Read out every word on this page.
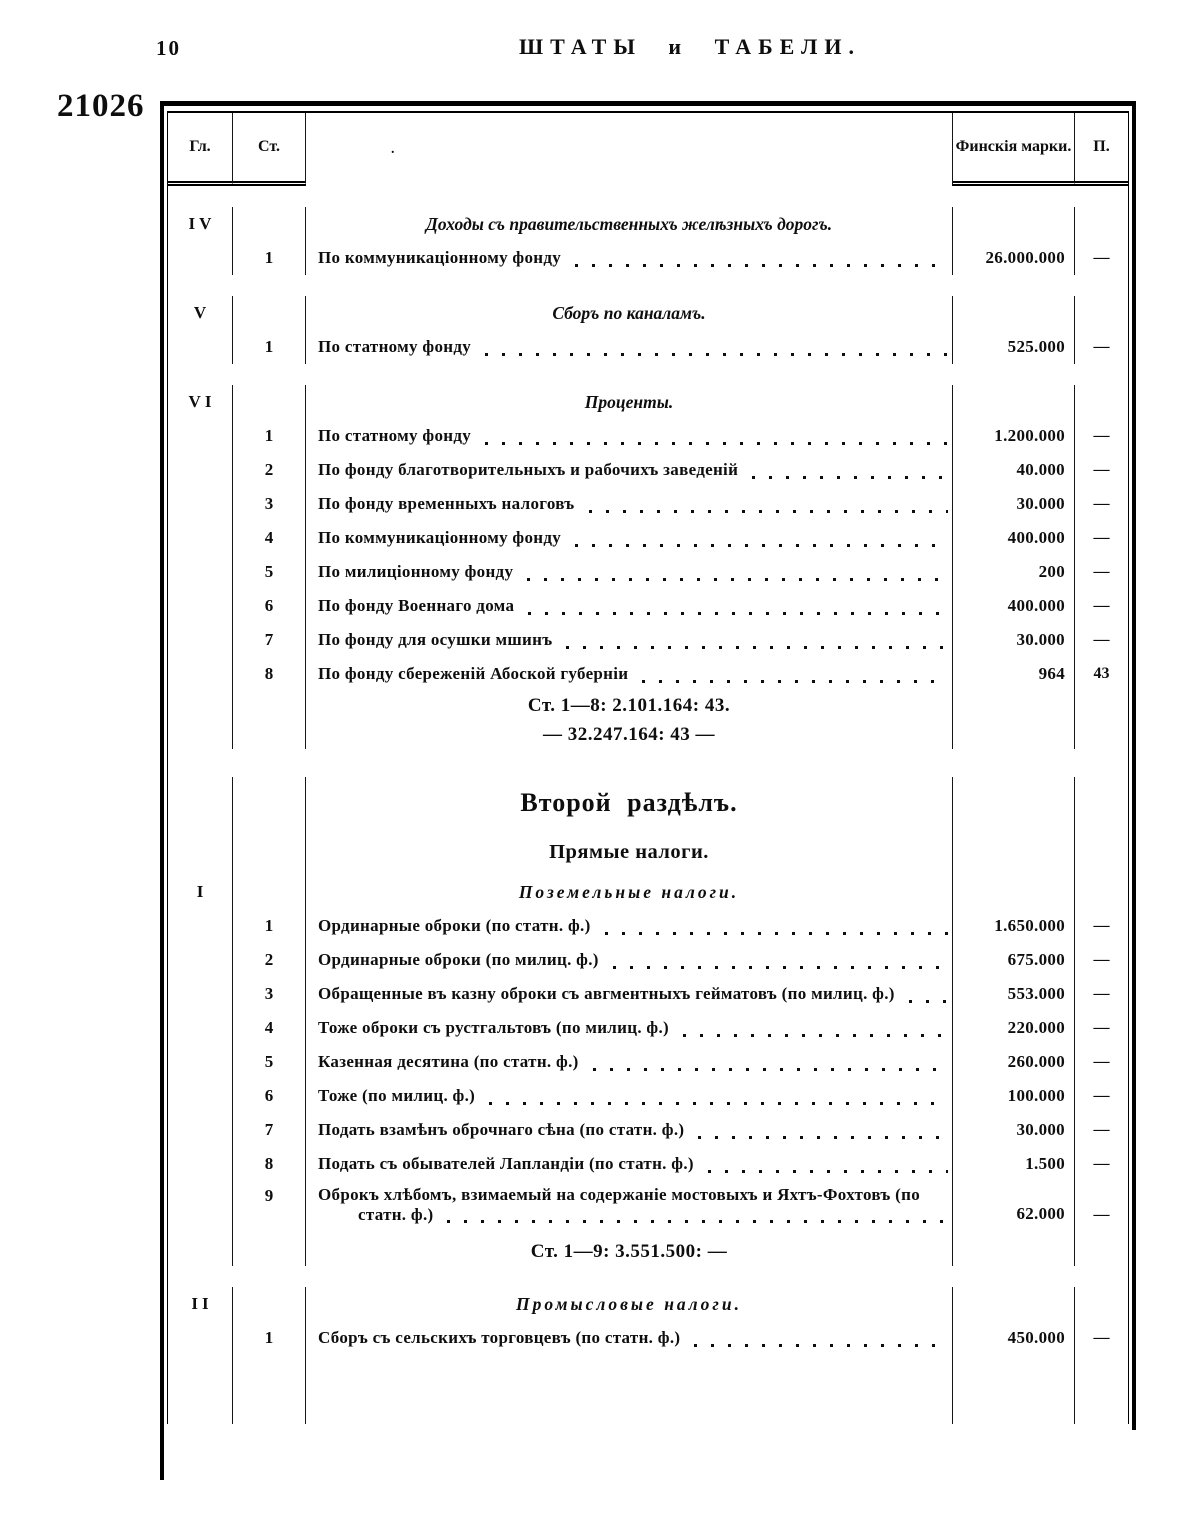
10	ШТАТЫ и ТАБЕЛИ.
21026
Гл.	Ст.	.	Финскія марки. П.
IV	Доходы съ правительственныхъ желѣзныхъ дорогъ.
1	По коммуникаціонному фонду	26.000.000 —
V	Сборъ по каналамъ.
1	По статному фонду	525.000 —
VI	Проценты.
1	По статному фонду	1.200.000 —
2	По фонду благотворительныхъ и рабочихъ заведеній	40.000 —
3	По фонду временныхъ налоговъ	30.000 —
4	По коммуникаціонному фонду	400.000 —
5	По милиціонному фонду	200 —
6	По фонду Военнаго дома	400.000 —
7	По фонду для осушки мшинъ	30.000 —
8	По фонду сбереженій Абоской губерніи	964 43
Ст. 1—8: 2.101.164: 43.
— 32.247.164: 43 —
Второй раздѣлъ.
Прямые налоги.
I	Поземельные налоги.
1	Ординарные оброки (по статн. ф.)	1.650.000 —
2	Ординарные оброки (по милиц. ф.)	675.000 —
3	Обращенные въ казну оброки съ авгментныхъ гейматовъ (по милиц. ф.)	553.000 —
4	Тоже оброки съ рустгальтовъ (по милиц. ф.)	220.000 —
5	Казенная десятина (по статн. ф.)	260.000 —
6	Тоже (по милиц. ф.)	100.000 —
7	Подать взамѣнъ оброчнаго сѣна (по статн. ф.)	30.000 —
8	Подать съ обывателей Лапландіи (по статн. ф.)	1.500 —
9	Оброкъ хлѣбомъ, взимаемый на содержаніе мостовыхъ и Яхтъ-Фохтовъ (по
статн. ф.)	62.000 —
Ст. 1—9: 3.551.500: —
II	Промысловые налоги.
1	Сборъ съ сельскихъ торговцевъ (по статн. ф.)	450.000 —
